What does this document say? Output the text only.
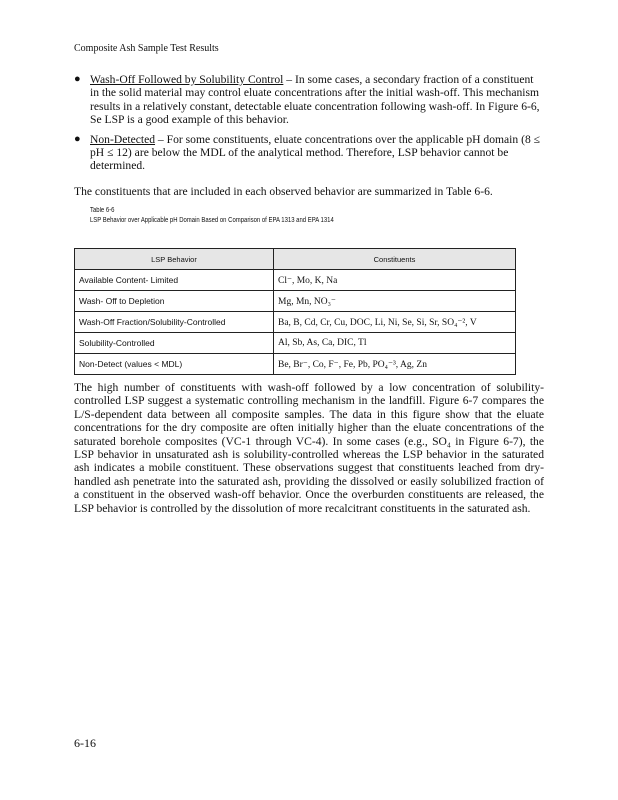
Composite Ash Sample Test Results
● Wash-Off Followed by Solubility Control – In some cases, a secondary fraction of a constituent in the solid material may control eluate concentrations after the initial wash-off. This mechanism results in a relatively constant, detectable eluate concentration following wash-off. In Figure 6-6, Se LSP is a good example of this behavior.
● Non-Detected – For some constituents, eluate concentrations over the applicable pH domain (8 ≤ pH ≤ 12) are below the MDL of the analytical method. Therefore, LSP behavior cannot be determined.
The constituents that are included in each observed behavior are summarized in Table 6-6.
Table 6-6
LSP Behavior over Applicable pH Domain Based on Comparison of EPA 1313 and EPA 1314
LSP Behavior	Constituents
Available Content- Limited	Cl⁻, Mo, K, Na
Wash- Off to Depletion	Mg, Mn, NO₃⁻
Wash-Off Fraction/Solubility-Controlled	Ba, B, Cd, Cr, Cu, DOC, Li, Ni, Se, Si, Sr, SO₄⁻², V
Solubility-Controlled	Al, Sb, As, Ca, DIC, Tl
Non-Detect (values < MDL)	Be, Br⁻, Co, F⁻, Fe, Pb, PO₄⁻³, Ag, Zn
The high number of constituents with wash-off followed by a low concentration of solubility-controlled LSP suggest a systematic controlling mechanism in the landfill. Figure 6-7 compares the L/S-dependent data between all composite samples. The data in this figure show that the eluate concentrations for the dry composite are often initially higher than the eluate concentrations of the saturated borehole composites (VC-1 through VC-4). In some cases (e.g., SO₄ in Figure 6-7), the LSP behavior in unsaturated ash is solubility-controlled whereas the LSP behavior in the saturated ash indicates a mobile constituent. These observations suggest that constituents leached from dry-handled ash penetrate into the saturated ash, providing the dissolved or easily solubilized fraction of a constituent in the observed wash-off behavior. Once the overburden constituents are released, the LSP behavior is controlled by the dissolution of more recalcitrant constituents in the saturated ash.
6-16
